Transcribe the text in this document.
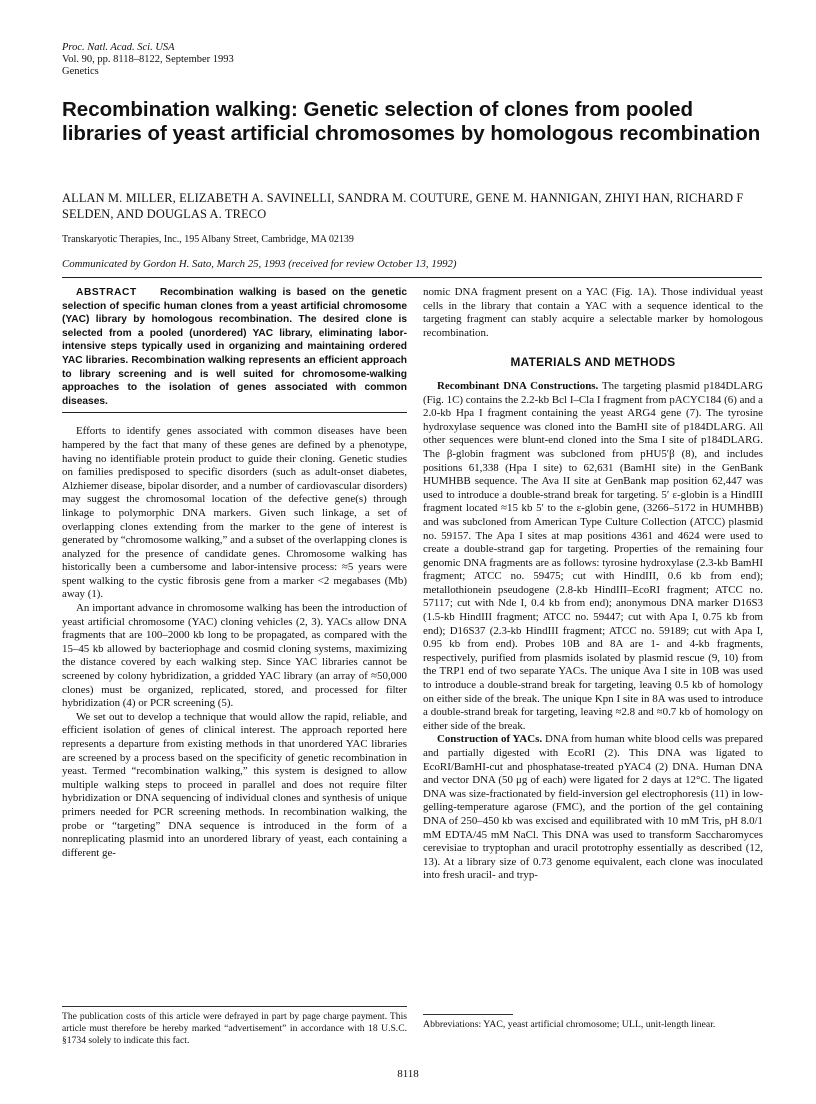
Proc. Natl. Acad. Sci. USA
Vol. 90, pp. 8118–8122, September 1993
Genetics
Recombination walking: Genetic selection of clones from pooled libraries of yeast artificial chromosomes by homologous recombination
ALLAN M. MILLER, ELIZABETH A. SAVINELLI, SANDRA M. COUTURE, GENE M. HANNIGAN, ZHIYI HAN, RICHARD F SELDEN, AND DOUGLAS A. TRECO
Transkaryotic Therapies, Inc., 195 Albany Street, Cambridge, MA 02139
Communicated by Gordon H. Sato, March 25, 1993 (received for review October 13, 1992)

ABSTRACT Recombination walking is based on the genetic selection of specific human clones from a yeast artificial chromosome (YAC) library by homologous recombination. The desired clone is selected from a pooled (unordered) YAC library, eliminating labor-intensive steps typically used in organizing and maintaining ordered YAC libraries. Recombination walking represents an efficient approach to library screening and is well suited for chromosome-walking approaches to the isolation of genes associated with common diseases.

Efforts to identify genes associated with common diseases have been hampered by the fact that many of these genes are defined by a phenotype, having no identifiable protein product to guide their cloning. Genetic studies on families predisposed to specific disorders (such as adult-onset diabetes, Alzhiemer disease, bipolar disorder, and a number of cardiovascular disorders) may suggest the chromosomal location of the defective gene(s) through linkage to polymorphic DNA markers. Given such linkage, a set of overlapping clones extending from the marker to the gene of interest is generated by “chromosome walking,” and a subset of the overlapping clones is analyzed for the presence of candidate genes. Chromosome walking has historically been a cumbersome and labor-intensive process: ≈5 years were spent walking to the cystic fibrosis gene from a marker <2 megabases (Mb) away (1).

An important advance in chromosome walking has been the introduction of yeast artificial chromosome (YAC) cloning vehicles (2, 3). YACs allow DNA fragments that are 100–2000 kb long to be propagated, as compared with the 15–45 kb allowed by bacteriophage and cosmid cloning systems, maximizing the distance covered by each walking step. Since YAC libraries cannot be screened by colony hybridization, a gridded YAC library (an array of ≈50,000 clones) must be organized, replicated, stored, and processed for filter hybridization (4) or PCR screening (5).

We set out to develop a technique that would allow the rapid, reliable, and efficient isolation of genes of clinical interest. The approach reported here represents a departure from existing methods in that unordered YAC libraries are screened by a process based on the specificity of genetic recombination in yeast. Termed “recombination walking,” this system is designed to allow multiple walking steps to proceed in parallel and does not require filter hybridization or DNA sequencing of individual clones and synthesis of unique primers needed for PCR screening methods. In recombination walking, the probe or “targeting” DNA sequence is introduced in the form of a nonreplicating plasmid into an unordered library of yeast, each containing a different ge-

nomic DNA fragment present on a YAC (Fig. 1A). Those individual yeast cells in the library that contain a YAC with a sequence identical to the targeting fragment can stably acquire a selectable marker by homologous recombination.

MATERIALS AND METHODS

Recombinant DNA Constructions. The targeting plasmid p184DLARG (Fig. 1C) contains the 2.2-kb Bcl I–Cla I fragment from pACYC184 (6) and a 2.0-kb Hpa I fragment containing the yeast ARG4 gene (7). The tyrosine hydroxylase sequence was cloned into the BamHI site of p184DLARG. All other sequences were blunt-end cloned into the Sma I site of p184DLARG. The β-globin fragment was subcloned from pHU5′β (8), and includes positions 61,338 (Hpa I site) to 62,631 (BamHI site) in the GenBank HUMHBB sequence. The Ava II site at GenBank map position 62,447 was used to introduce a double-strand break for targeting. 5′ ε-globin is a HindIII fragment located ≈15 kb 5′ to the ε-globin gene, (3266–5172 in HUMHBB) and was subcloned from American Type Culture Collection (ATCC) plasmid no. 59157. The Apa I sites at map positions 4361 and 4624 were used to create a double-strand gap for targeting. Properties of the remaining four genomic DNA fragments are as follows: tyrosine hydroxylase (2.3-kb BamHI fragment; ATCC no. 59475; cut with HindIII, 0.6 kb from end); metallothionein pseudogene (2.8-kb HindIII–EcoRI fragment; ATCC no. 57117; cut with Nde I, 0.4 kb from end); anonymous DNA marker D16S3 (1.5-kb HindIII fragment; ATCC no. 59447; cut with Apa I, 0.75 kb from end); D16S37 (2.3-kb HindIII fragment; ATCC no. 59189; cut with Apa I, 0.95 kb from end). Probes 10B and 8A are 1- and 4-kb fragments, respectively, purified from plasmids isolated by plasmid rescue (9, 10) from the TRP1 end of two separate YACs. The unique Ava I site in 10B was used to introduce a double-strand break for targeting, leaving 0.5 kb of homology on either side of the break. The unique Kpn I site in 8A was used to introduce a double-strand break for targeting, leaving ≈2.8 and ≈0.7 kb of homology on either side of the break.

Construction of YACs. DNA from human white blood cells was prepared and partially digested with EcoRI (2). This DNA was ligated to EcoRI/BamHI-cut and phosphatase-treated pYAC4 (2) DNA. Human DNA and vector DNA (50 μg of each) were ligated for 2 days at 12°C. The ligated DNA was size-fractionated by field-inversion gel electrophoresis (11) in low-gelling-temperature agarose (FMC), and the portion of the gel containing DNA of 250–450 kb was excised and equilibrated with 10 mM Tris, pH 8.0/1 mM EDTA/45 mM NaCl. This DNA was used to transform Saccharomyces cerevisiae to tryptophan and uracil prototrophy essentially as described (12, 13). At a library size of 0.73 genome equivalent, each clone was inoculated into fresh uracil- and tryp-

The publication costs of this article were defrayed in part by page charge payment. This article must therefore be hereby marked “advertisement” in accordance with 18 U.S.C. §1734 solely to indicate this fact.
Abbreviations: YAC, yeast artificial chromosome; ULL, unit-length linear.
8118
